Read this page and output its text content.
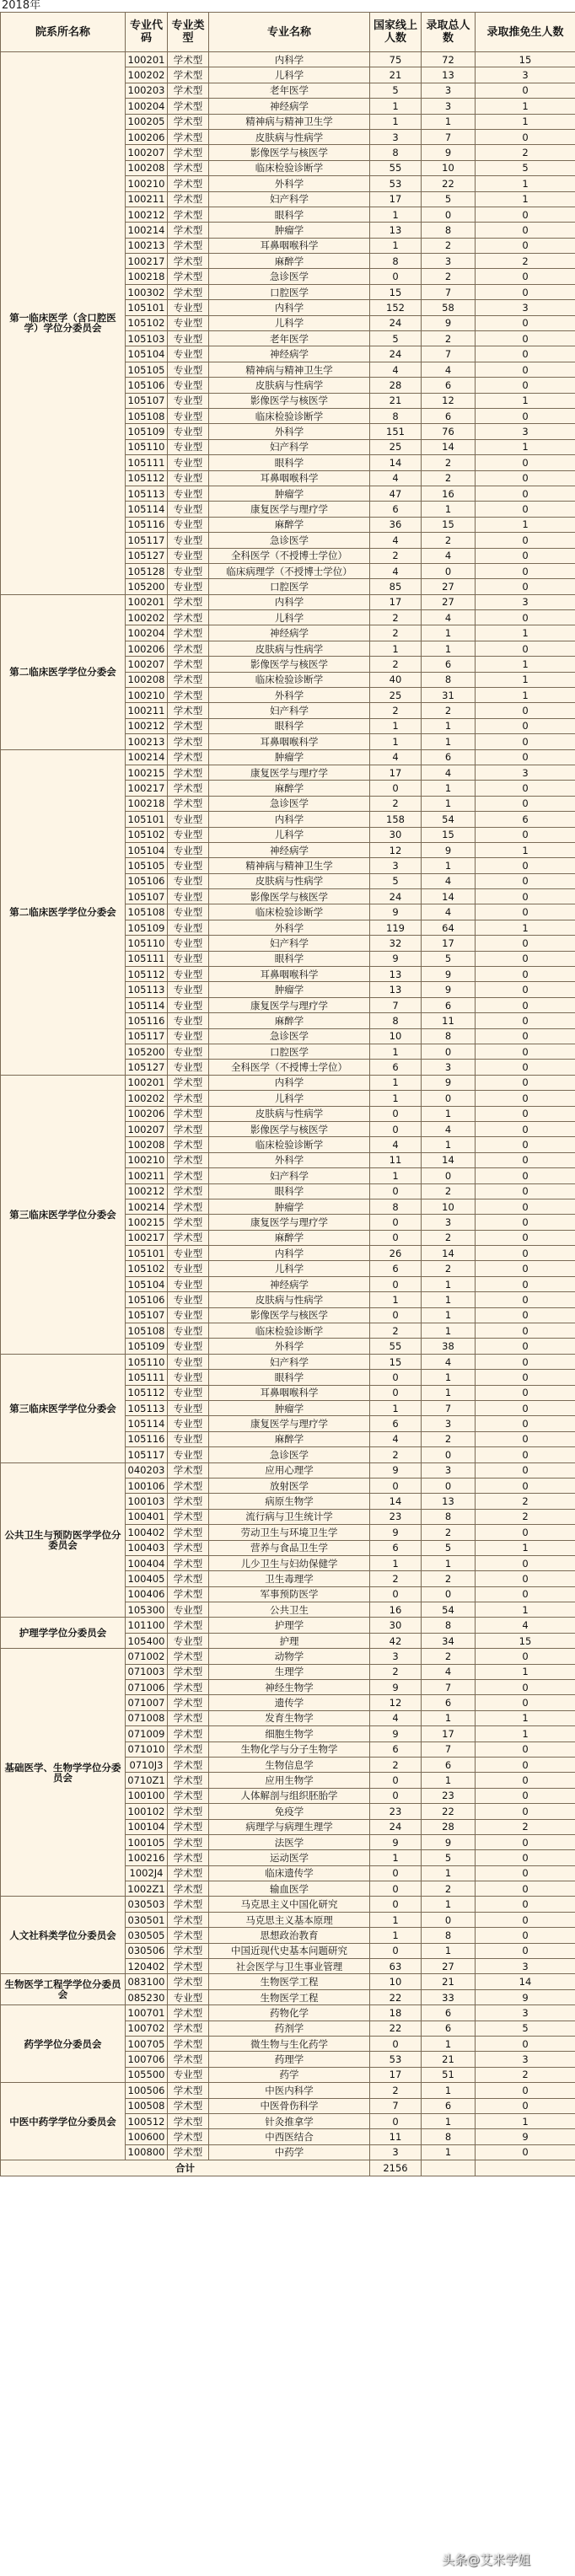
2018年
院系所名称	专业代码	专业类型	专业名称	国家线上人数	录取总人数	录取推免生人数
第一临床医学（含口腔医学）学位分委员会	100201	学术型	内科学	75	72	15
	100202	学术型	儿科学	21	13	3
	100203	学术型	老年医学	5	3	0
	100204	学术型	神经病学	1	3	1
	100205	学术型	精神病与精神卫生学	1	1	1
	100206	学术型	皮肤病与性病学	3	7	0
	100207	学术型	影像医学与核医学	8	9	2
	100208	学术型	临床检验诊断学	55	10	5
	100210	学术型	外科学	53	22	1
	100211	学术型	妇产科学	17	5	1
	100212	学术型	眼科学	1	0	0
	100214	学术型	肿瘤学	13	8	0
	100213	学术型	耳鼻咽喉科学	1	2	0
	100217	学术型	麻醉学	8	3	2
	100218	学术型	急诊医学	0	2	0
	100302	学术型	口腔医学	15	7	0
	105101	专业型	内科学	152	58	3
	105102	专业型	儿科学	24	9	0
	105103	专业型	老年医学	5	2	0
	105104	专业型	神经病学	24	7	0
	105105	专业型	精神病与精神卫生学	4	4	0
	105106	专业型	皮肤病与性病学	28	6	0
	105107	专业型	影像医学与核医学	21	12	1
	105108	专业型	临床检验诊断学	8	6	0
	105109	专业型	外科学	151	76	3
	105110	专业型	妇产科学	25	14	1
	105111	专业型	眼科学	14	2	0
	105112	专业型	耳鼻咽喉科学	4	2	0
	105113	专业型	肿瘤学	47	16	0
	105114	专业型	康复医学与理疗学	6	1	0
	105116	专业型	麻醉学	36	15	1
	105117	专业型	急诊医学	4	2	0
	105127	专业型	全科医学（不授博士学位）	2	4	0
	105128	专业型	临床病理学（不授博士学位）	4	0	0
	105200	专业型	口腔医学	85	27	0
第二临床医学学位分委会	100201	学术型	内科学	17	27	3
	100202	学术型	儿科学	2	4	0
	100204	学术型	神经病学	2	1	1
	100206	学术型	皮肤病与性病学	1	1	0
	100207	学术型	影像医学与核医学	2	6	1
	100208	学术型	临床检验诊断学	40	8	1
	100210	学术型	外科学	25	31	1
	100211	学术型	妇产科学	2	2	0
	100212	学术型	眼科学	1	1	0
	100213	学术型	耳鼻咽喉科学	1	1	0
第二临床医学学位分委会	100214	学术型	肿瘤学	4	6	0
	100215	学术型	康复医学与理疗学	17	4	3
	100217	学术型	麻醉学	0	1	0
	100218	学术型	急诊医学	2	1	0
	105101	专业型	内科学	158	54	6
	105102	专业型	儿科学	30	15	0
	105104	专业型	神经病学	12	9	1
	105105	专业型	精神病与精神卫生学	3	1	0
	105106	专业型	皮肤病与性病学	5	4	0
	105107	专业型	影像医学与核医学	24	14	0
	105108	专业型	临床检验诊断学	9	4	0
	105109	专业型	外科学	119	64	1
	105110	专业型	妇产科学	32	17	0
	105111	专业型	眼科学	9	5	0
	105112	专业型	耳鼻咽喉科学	13	9	0
	105113	专业型	肿瘤学	13	9	0
	105114	专业型	康复医学与理疗学	7	6	0
	105116	专业型	麻醉学	8	11	0
	105117	专业型	急诊医学	10	8	0
	105200	专业型	口腔医学	1	0	0
	105127	专业型	全科医学（不授博士学位）	6	3	0
第三临床医学学位分委会	100201	学术型	内科学	1	9	0
	100202	学术型	儿科学	1	0	0
	100206	学术型	皮肤病与性病学	0	1	0
	100207	学术型	影像医学与核医学	0	4	0
	100208	学术型	临床检验诊断学	4	1	0
	100210	学术型	外科学	11	14	0
	100211	学术型	妇产科学	1	0	0
	100212	学术型	眼科学	0	2	0
	100214	学术型	肿瘤学	8	10	0
	100215	学术型	康复医学与理疗学	0	3	0
	100217	学术型	麻醉学	0	2	0
	105101	专业型	内科学	26	14	0
	105102	专业型	儿科学	6	2	0
	105104	专业型	神经病学	0	1	0
	105106	专业型	皮肤病与性病学	1	1	0
	105107	专业型	影像医学与核医学	0	1	0
	105108	专业型	临床检验诊断学	2	1	0
	105109	专业型	外科学	55	38	0
第三临床医学学位分委会	105110	专业型	妇产科学	15	4	0
	105111	专业型	眼科学	0	1	0
	105112	专业型	耳鼻咽喉科学	0	1	0
	105113	专业型	肿瘤学	1	7	0
	105114	专业型	康复医学与理疗学	6	3	0
	105116	专业型	麻醉学	4	2	0
	105117	专业型	急诊医学	2	0	0
公共卫生与预防医学学位分委员会	040203	学术型	应用心理学	9	3	0
	100106	学术型	放射医学	0	0	0
	100103	学术型	病原生物学	14	13	2
	100401	学术型	流行病与卫生统计学	23	8	2
	100402	学术型	劳动卫生与环境卫生学	9	2	0
	100403	学术型	营养与食品卫生学	6	5	1
	100404	学术型	儿少卫生与妇幼保健学	1	1	0
	100405	学术型	卫生毒理学	2	2	0
	100406	学术型	军事预防医学	0	0	0
	105300	专业型	公共卫生	16	54	1
护理学学位分委员会	101100	学术型	护理学	30	8	4
	105400	专业型	护理	42	34	15
基础医学、生物学学位分委员会	071002	学术型	动物学	3	2	0
	071003	学术型	生理学	2	4	1
	071006	学术型	神经生物学	9	7	0
	071007	学术型	遗传学	12	6	0
	071008	学术型	发育生物学	4	1	1
	071009	学术型	细胞生物学	9	17	1
	071010	学术型	生物化学与分子生物学	6	7	0
	0710J3	学术型	生物信息学	2	6	0
	0710Z1	学术型	应用生物学	0	1	0
	100100	学术型	人体解剖与组织胚胎学	0	23	0
	100102	学术型	免疫学	23	22	0
	100104	学术型	病理学与病理生理学	24	28	2
	100105	学术型	法医学	9	9	0
	100216	学术型	运动医学	1	5	0
	1002J4	学术型	临床遗传学	0	1	0
	1002Z1	学术型	输血医学	0	2	0
人文社科类学位分委员会	030503	学术型	马克思主义中国化研究	0	1	0
	030501	学术型	马克思主义基本原理	1	0	0
	030505	学术型	思想政治教育	1	8	0
	030506	学术型	中国近现代史基本问题研究	0	1	0
	120402	学术型	社会医学与卫生事业管理	63	27	3
生物医学工程学学位分委员会	083100	学术型	生物医学工程	10	21	14
	085230	专业型	生物医学工程	22	33	9
药学学位分委员会	100701	学术型	药物化学	18	6	3
	100702	学术型	药剂学	22	6	5
	100705	学术型	微生物与生化药学	0	1	0
	100706	学术型	药理学	53	21	3
	105500	专业型	药学	17	51	2
中医中药学学位分委员会	100506	学术型	中医内科学	2	1	0
	100508	学术型	中医骨伤科学	7	6	0
	100512	学术型	针灸推拿学	0	1	1
	100600	学术型	中西医结合	11	8	9
	100800	学术型	中药学	3	1	0
合计				2156		
头条@艾米学姐
